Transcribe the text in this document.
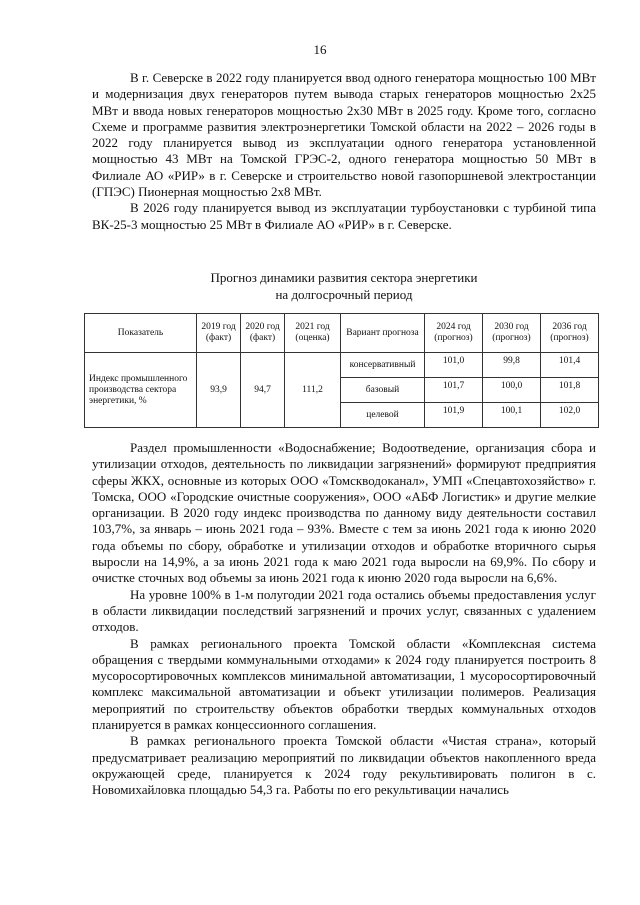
16

В г. Северске в 2022 году планируется ввод одного генератора мощностью 100 МВт и модернизация двух генераторов путем вывода старых генераторов мощностью 2х25 МВт и ввода новых генераторов мощностью 2х30 МВт в 2025 году. Кроме того, согласно Схеме и программе развития электроэнергетики Томской области на 2022 – 2026 годы в 2022 году планируется вывод из эксплуатации одного генератора установленной мощностью 43 МВт на Томской ГРЭС-2, одного генератора мощностью 50 МВт в Филиале АО «РИР» в г. Северске и строительство новой газопоршневой электростанции (ГПЭС) Пионерная мощностью 2х8 МВт.

В 2026 году планируется вывод из эксплуатации турбоустановки с турбиной типа ВК-25-3 мощностью 25 МВт в Филиале АО «РИР» в г. Северске.

Прогноз динамики развития сектора энергетики
на долгосрочный период
Показатель	2019 год (факт)	2020 год (факт)	2021 год (оценка)	Вариант прогноза	2024 год (прогноз)	2030 год (прогноз)	2036 год (прогноз)
Индекс промышленного производства сектора энергетики, %	93,9	94,7	111,2	консервативный	101,0	99,8	101,4
				базовый	101,7	100,0	101,8
				целевой	101,9	100,1	102,0

Раздел промышленности «Водоснабжение; Водоотведение, организация сбора и утилизации отходов, деятельность по ликвидации загрязнений» формируют предприятия сферы ЖКХ, основные из которых ООО «Томскводоканал», УМП «Спецавтохозяйство» г. Томска, ООО «Городские очистные сооружения», ООО «АБФ Логистик» и другие мелкие организации. В 2020 году индекс производства по данному виду деятельности составил 103,7%, за январь – июнь 2021 года – 93%. Вместе с тем за июнь 2021 года к июню 2020 года объемы по сбору, обработке и утилизации отходов и обработке вторичного сырья выросли на 14,9%, а за июнь 2021 года к маю 2021 года выросли на 69,9%. По сбору и очистке сточных вод объемы за июнь 2021 года к июню 2020 года выросли на 6,6%.

На уровне 100% в 1-м полугодии 2021 года остались объемы предоставления услуг в области ликвидации последствий загрязнений и прочих услуг, связанных с удалением отходов.

В рамках регионального проекта Томской области «Комплексная система обращения с твердыми коммунальными отходами» к 2024 году планируется построить 8 мусоросортировочных комплексов минимальной автоматизации, 1 мусоросортировочный комплекс максимальной автоматизации и объект утилизации полимеров. Реализация мероприятий по строительству объектов обработки твердых коммунальных отходов планируется в рамках концессионного соглашения.

В рамках регионального проекта Томской области «Чистая страна», который предусматривает реализацию мероприятий по ликвидации объектов накопленного вреда окружающей среде, планируется к 2024 году рекультивировать полигон в с. Новомихайловка площадью 54,3 га. Работы по его рекультивации начались
